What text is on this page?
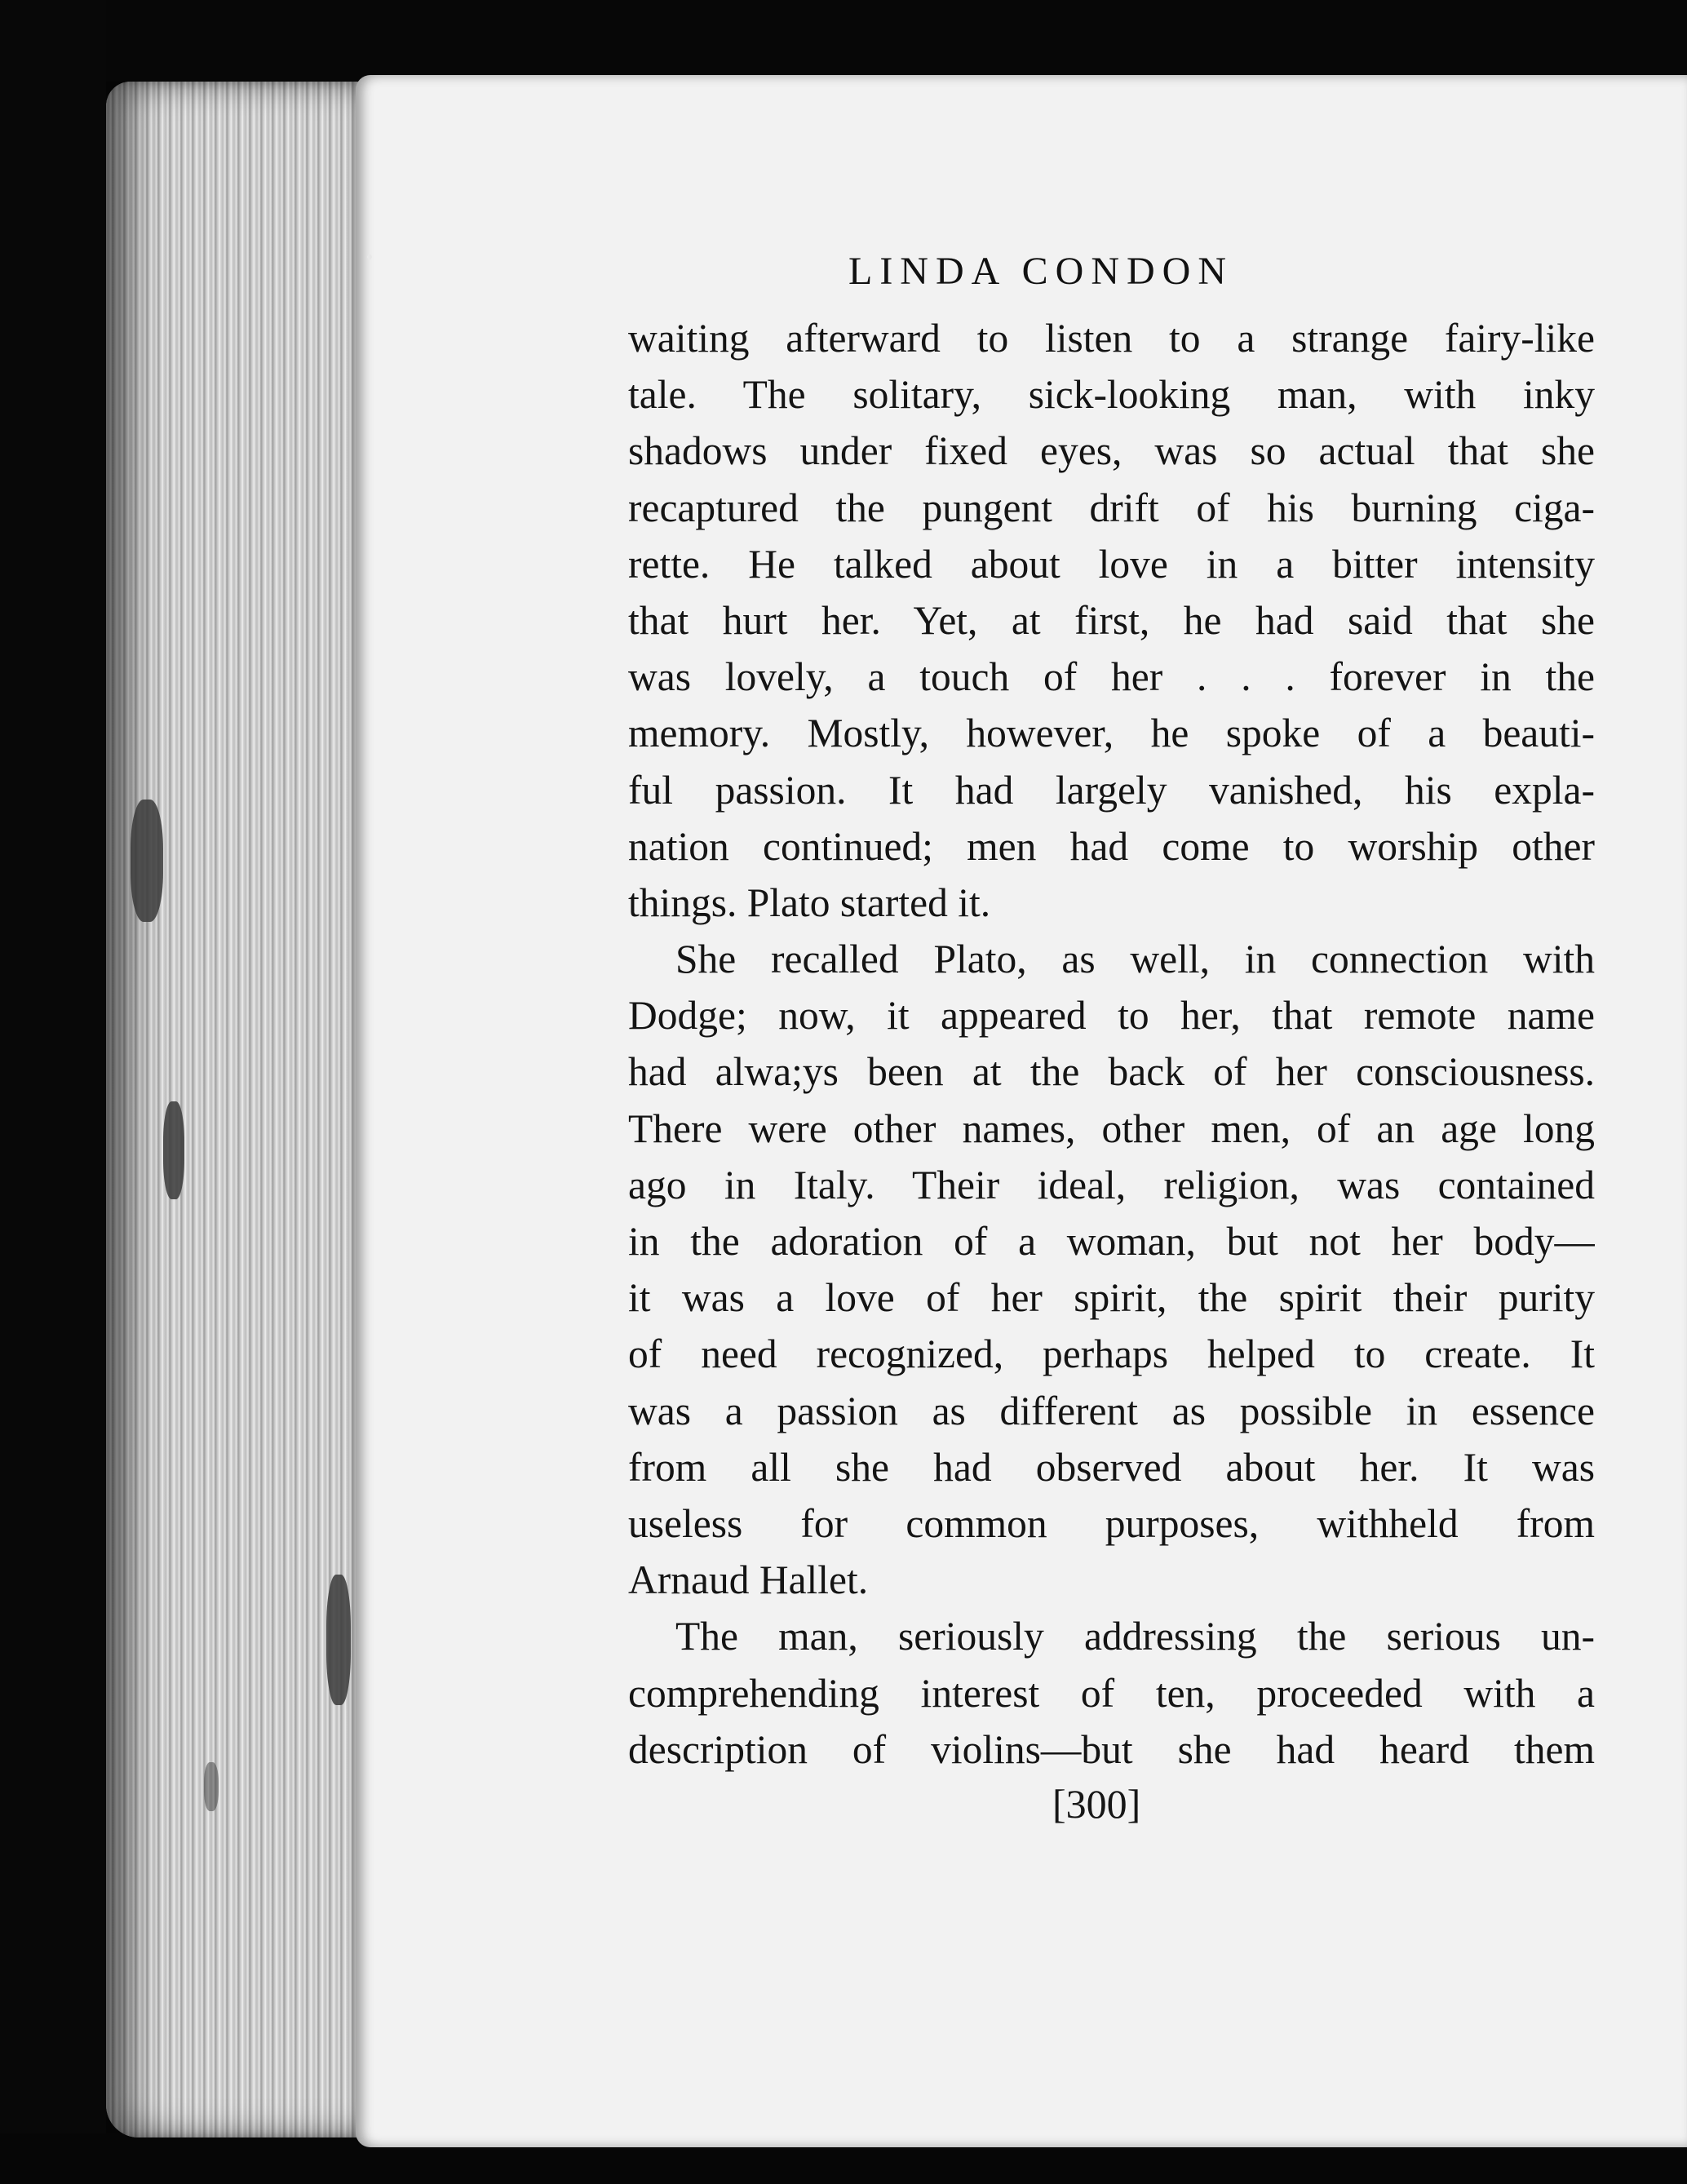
LINDA CONDON
waiting afterward to listen to a strange fairy-like
tale. The solitary, sick-looking man, with inky
shadows under fixed eyes, was so actual that she
recaptured the pungent drift of his burning ciga-
rette. He talked about love in a bitter intensity
that hurt her. Yet, at first, he had said that she
was lovely, a touch of her . . . forever in the
memory. Mostly, however, he spoke of a beauti-
ful passion. It had largely vanished, his expla-
nation continued; men had come to worship other
things. Plato started it.
She recalled Plato, as well, in connection with
Dodge; now, it appeared to her, that remote name
had alwa;ys been at the back of her consciousness.
There were other names, other men, of an age long
ago in Italy. Their ideal, religion, was contained
in the adoration of a woman, but not her body—
it was a love of her spirit, the spirit their purity
of need recognized, perhaps helped to create. It
was a passion as different as possible in essence
from all she had observed about her. It was
useless for common purposes, withheld from
Arnaud Hallet.
The man, seriously addressing the serious un-
comprehending interest of ten, proceeded with a
description of violins—but she had heard them
[300]
